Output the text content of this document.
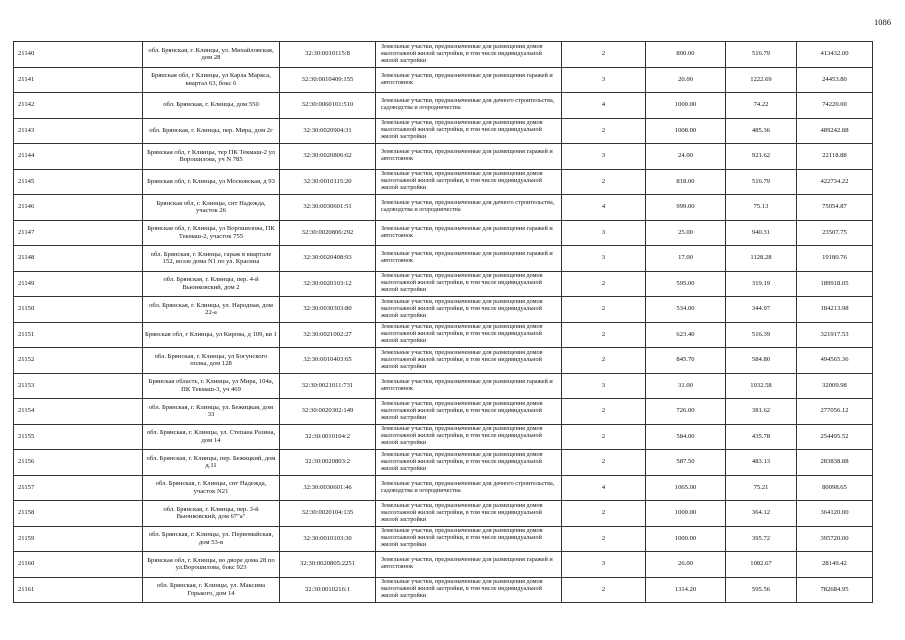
1086
21140	обл. Брянская, г. Клинцы, ул. Михайловская, дом 28	32:30:0010115:8	Земельные участки, предназначенные для размещения домов малоэтажной жилой застройки, в том числе индивидуальной жилой застройки	2	800.00	516.79	413432.00
21141	Брянская обл, г Клинцы, ул Карла Маркса, квартал 63, бокс 6	32:30:0010409:155	Земельные участки, предназначенные для размещения гаражей и автостоянок	3	20.00	1222.69	24453.80
21142	обл. Брянская, г. Клинцы, дом 550	32:30:0060101:510	Земельные участки, предназначенные для дачного строительства, садоводства и огородничества	4	1000.00	74.22	74220.00
21143	обл. Брянская, г. Клинцы, пер. Мира, дом 2г	32:30:0020904:31	Земельные участки, предназначенные для размещения домов малоэтажной жилой застройки, в том числе индивидуальной жилой застройки	2	1008.00	485.36	489242.88
21144	Брянская обл, г Клинцы, тер ПК Текмаш-2 ул Ворошилова, уч N 785	32:30:0020806:62	Земельные участки, предназначенные для размещения гаражей и автостоянок	3	24.00	921.62	22118.88
21145	Брянская обл, г. Клинцы, ул Московская, д 93	32:30:0010115:20	Земельные участки, предназначенные для размещения домов малоэтажной жилой застройки, в том числе индивидуальной жилой застройки	2	818.00	516.79	422734.22
21146	Брянская обл, г. Клинцы, снт Надежда, участок 26	32:30:0030601:51	Земельные участки, предназначенные для дачного строительства, садоводства и огородничества	4	999.00	75.13	75054.87
21147	Брянская обл, г. Клинцы, ул Ворошилова, ПК Текмаш-2, участок 755	32:30:0020806:292	Земельные участки, предназначенные для размещения гаражей и автостоянок	3	25.00	940.31	23507.75
21148	обл. Брянская, г. Клинцы, гараж в квартале 152, возле дома N1 по ул. Красина	32:30:0020408:93	Земельные участки, предназначенные для размещения гаражей и автостоянок	3	17.00	1128.28	19180.76
21149	обл. Брянская, г. Клинцы, пер. 4-й Вьюнковский, дом 2	32:30:0020103:12	Земельные участки, предназначенные для размещения домов малоэтажной жилой застройки, в том числе индивидуальной жилой застройки	2	595.00	319.19	189918.05
21150	обл. Брянская, г. Клинцы, ул. Народная, дом 22-а	32:30:0030303:80	Земельные участки, предназначенные для размещения домов малоэтажной жилой застройки, в том числе индивидуальной жилой застройки	2	534.00	344.97	184213.98
21151	Брянская обл, г Клинцы, ул Кирова, д 109, кв 1	32:30:0021002:27	Земельные участки, предназначенные для размещения домов малоэтажной жилой застройки, в том числе индивидуальной жилой застройки	2	623.40	516.39	321917.53
21152	обл. Брянская, г. Клинцы, ул Богунского полка, дом 128	32:30:0010403:65	Земельные участки, предназначенные для размещения домов малоэтажной жилой застройки, в том числе индивидуальной жилой застройки	2	845.70	584.80	494565.36
21153	Брянская область, г. Клинцы, ул Мира, 104а, ПК Текмаш-3, уч 469	32:30:0021011:731	Земельные участки, предназначенные для размещения гаражей и автостоянок	3	31.00	1032.58	32009.98
21154	обл. Брянская, г. Клинцы, ул. Бежицкая, дом 33	32:30:0020302:149	Земельные участки, предназначенные для размещения домов малоэтажной жилой застройки, в том числе индивидуальной жилой застройки	2	726.00	381.62	277056.12
21155	обл. Брянская, г. Клинцы, ул. Степана Разина, дом 14	32:30:0010104:2	Земельные участки, предназначенные для размещения домов малоэтажной жилой застройки, в том числе индивидуальной жилой застройки	2	584.00	435.78	254495.52
21156	обл. Брянская, г. Клинцы, пер. Бежицкий, дом д.11	32:30:0020803:2	Земельные участки, предназначенные для размещения домов малоэтажной жилой застройки, в том числе индивидуальной жилой застройки	2	587.50	483.13	283838.88
21157	обл. Брянская, г. Клинцы, снт Надежда, участок N21	32:30:0030601:46	Земельные участки, предназначенные для дачного строительства, садоводства и огородничества	4	1065.00	75.21	80098.65
21158	обл. Брянская, г. Клинцы, пер. 3-й Вьюнковский, дом 67"а"	32:30:0020104:135	Земельные участки, предназначенные для размещения домов малоэтажной жилой застройки, в том числе индивидуальной жилой застройки	2	1000.00	364.12	364120.00
21159	обл. Брянская, г. Клинцы, ул. Первомайская, дом 53-в	32:30:0010103:30	Земельные участки, предназначенные для размещения домов малоэтажной жилой застройки, в том числе индивидуальной жилой застройки	2	1000.00	395.72	395720.00
21160	Брянская обл, г. Клинцы, во дворе дома 28 по ул.Ворошилова, бокс 923	32:30:0020805:2251	Земельные участки, предназначенные для размещения гаражей и автостоянок	3	26.00	1082.67	28149.42
21161	обл. Брянская, г. Клинцы, ул. Максима Горького, дом 14	32:30:0010216:1	Земельные участки, предназначенные для размещения домов малоэтажной жилой застройки, в том числе индивидуальной жилой застройки	2	1314.20	595.56	782684.95
